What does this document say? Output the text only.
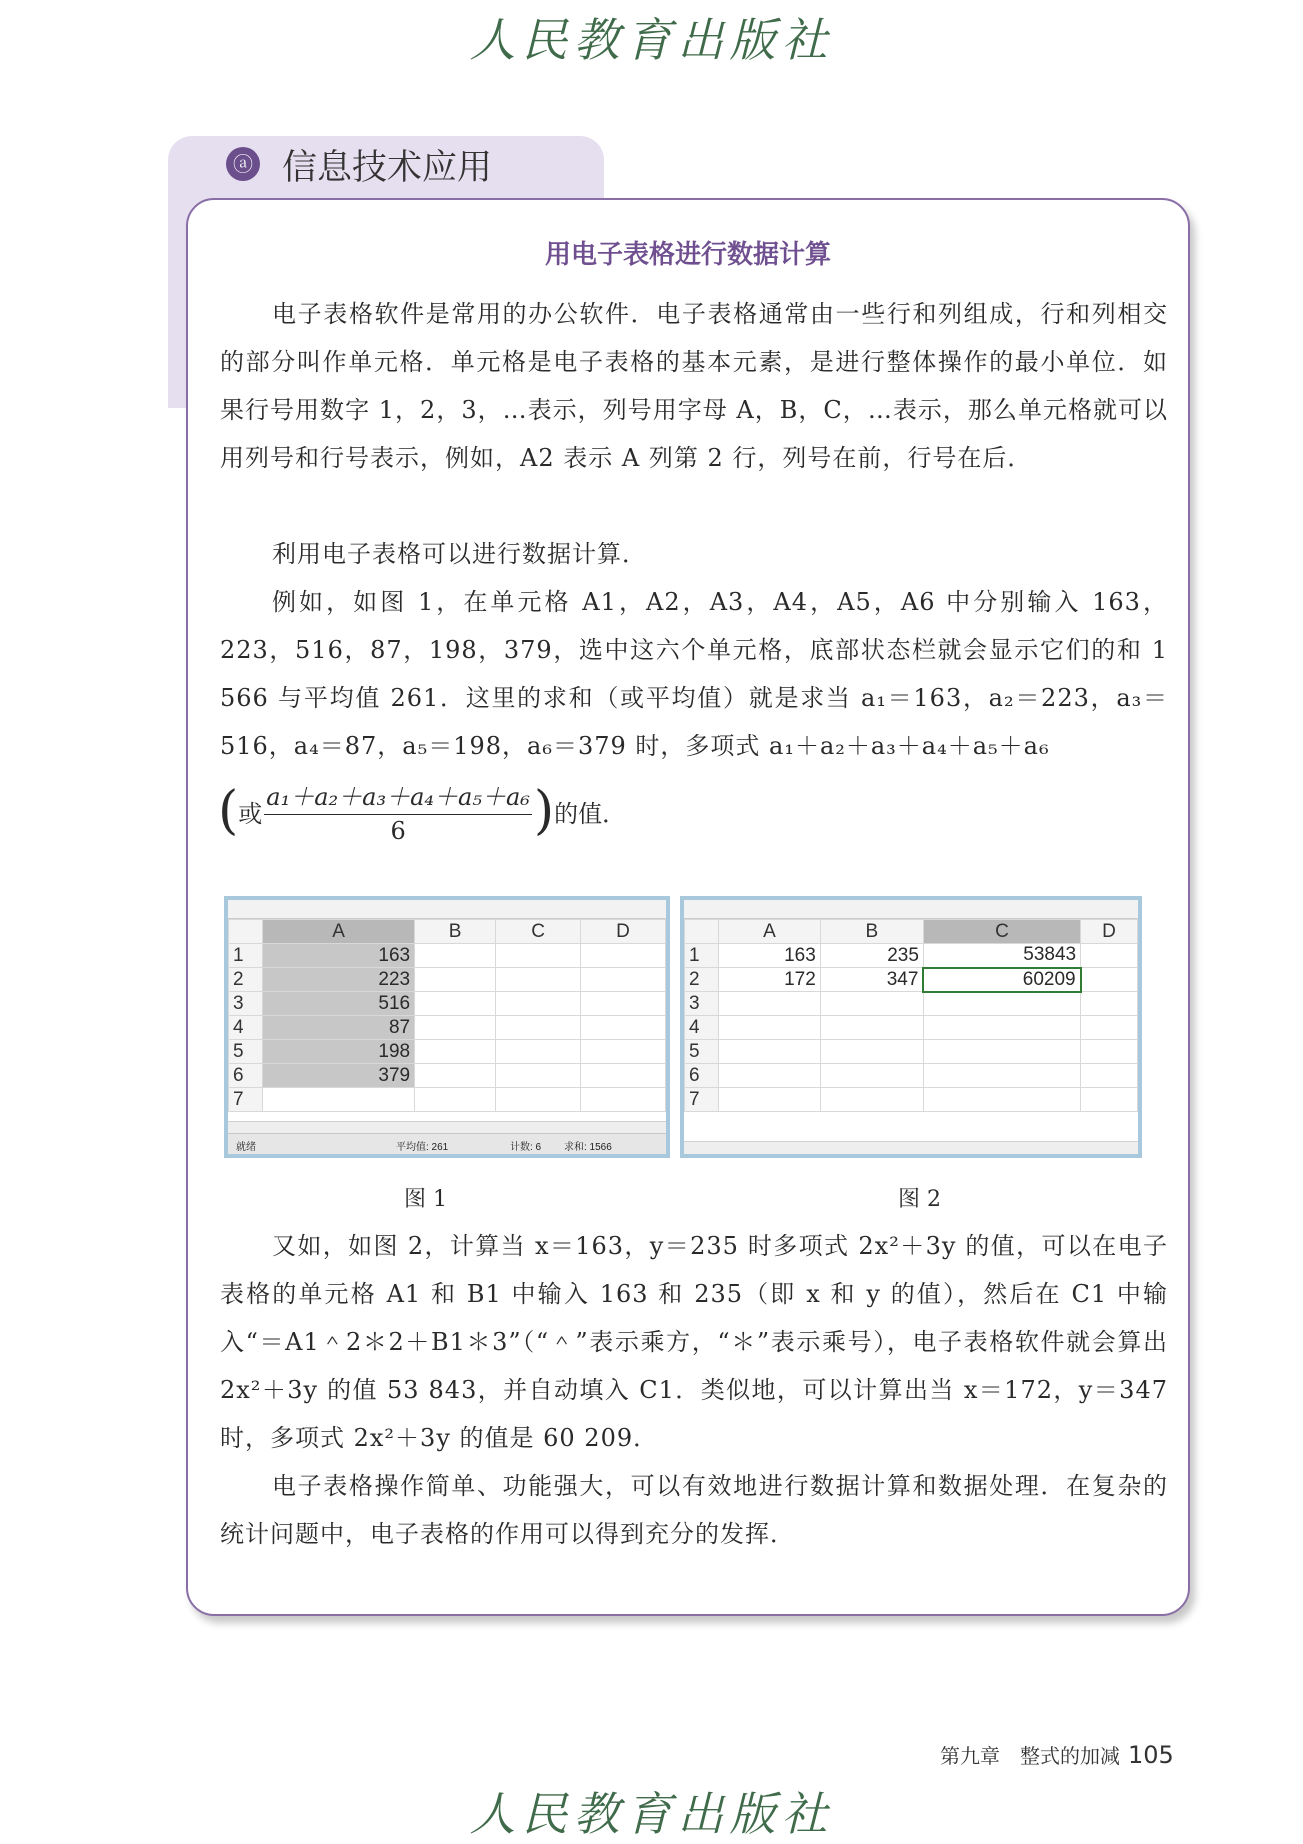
人民教育出版社
ⓐ 信息技术应用
用电子表格进行数据计算

电子表格软件是常用的办公软件．电子表格通常由一些行和列组成，行和列相交的部分叫作单元格．单元格是电子表格的基本元素，是进行整体操作的最小单位．如果行号用数字 1，2，3，…表示，列号用字母 A，B，C，…表示，那么单元格就可以用列号和行号表示，例如，A2 表示 A 列第 2 行，列号在前，行号在后．

利用电子表格可以进行数据计算．

例如，如图 1，在单元格 A1，A2，A3，A4，A5，A6 中分别输入 163，223，516，87，198，379，选中这六个单元格，底部状态栏就会显示它们的和 1 566 与平均值 261．这里的求和（或平均值）就是求当 a₁＝163，a₂＝223，a₃＝516，a₄＝87，a₅＝198，a₆＝379 时，多项式 a₁＋a₂＋a₃＋a₄＋a₅＋a₆

( 或 $\frac{\text{a₁＋a₂＋a₃＋a₄＋a₅＋a₆}}{6}$ ) 的值．
	A	B	C	D
1	163			
2	223			
3	516			
4	87			
5	198			
6	379			
7				
就绪	平均值: 261	计数: 6 求和: 1566
	A	B	C	D
1	163	235	53843	
2	172	347	60209	
3				
4				
5				
6				
7				
图 1	图 2

又如，如图 2，计算当 x＝163，y＝235 时多项式 2x²＋3y 的值，可以在电子表格的单元格 A1 和 B1 中输入 163 和 235（即 x 和 y 的值），然后在 C1 中输入“＝A1＾2＊2＋B1＊3”（“＾”表示乘方，“＊”表示乘号），电子表格软件就会算出 2x²＋3y 的值 53 843，并自动填入 C1．类似地，可以计算出当 x＝172，y＝347 时，多项式 2x²＋3y 的值是 60 209．

电子表格操作简单、功能强大，可以有效地进行数据计算和数据处理．在复杂的统计问题中，电子表格的作用可以得到充分的发挥．

第九章　整式的加减 105
人民教育出版社
